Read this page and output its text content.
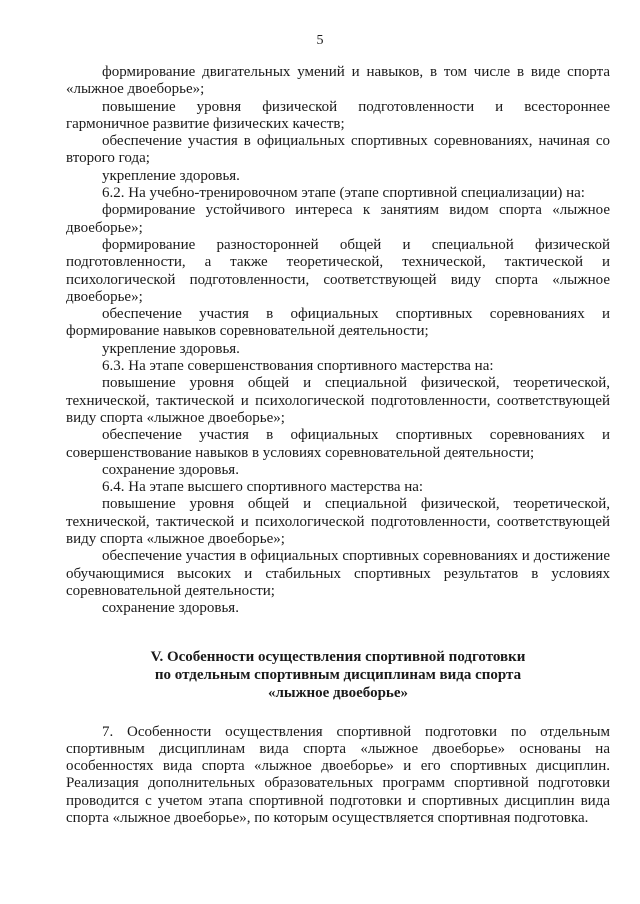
5

формирование двигательных умений и навыков, в том числе в виде спорта «лыжное двоеборье»;

повышение уровня физической подготовленности и всестороннее гармоничное развитие физических качеств;

обеспечение участия в официальных спортивных соревнованиях, начиная со второго года;

укрепление здоровья.

6.2. На учебно-тренировочном этапе (этапе спортивной специализации) на:

формирование устойчивого интереса к занятиям видом спорта «лыжное двоеборье»;

формирование разносторонней общей и специальной физической подготовленности, а также теоретической, технической, тактической и психологической подготовленности, соответствующей виду спорта «лыжное двоеборье»;

обеспечение участия в официальных спортивных соревнованиях и формирование навыков соревновательной деятельности;

укрепление здоровья.

6.3. На этапе совершенствования спортивного мастерства на:

повышение уровня общей и специальной физической, теоретической, технической, тактической и психологической подготовленности, соответствующей виду спорта «лыжное двоеборье»;

обеспечение участия в официальных спортивных соревнованиях и совершенствование навыков в условиях соревновательной деятельности;

сохранение здоровья.

6.4. На этапе высшего спортивного мастерства на:

повышение уровня общей и специальной физической, теоретической, технической, тактической и психологической подготовленности, соответствующей виду спорта «лыжное двоеборье»;

обеспечение участия в официальных спортивных соревнованиях и достижение обучающимися высоких и стабильных спортивных результатов в условиях соревновательной деятельности;

сохранение здоровья.

V. Особенности осуществления спортивной подготовки
по отдельным спортивным дисциплинам вида спорта
«лыжное двоеборье»

7. Особенности осуществления спортивной подготовки по отдельным спортивным дисциплинам вида спорта «лыжное двоеборье» основаны на особенностях вида спорта «лыжное двоеборье» и его спортивных дисциплин. Реализация дополнительных образовательных программ спортивной подготовки проводится с учетом этапа спортивной подготовки и спортивных дисциплин вида спорта «лыжное двоеборье», по которым осуществляется спортивная подготовка.
